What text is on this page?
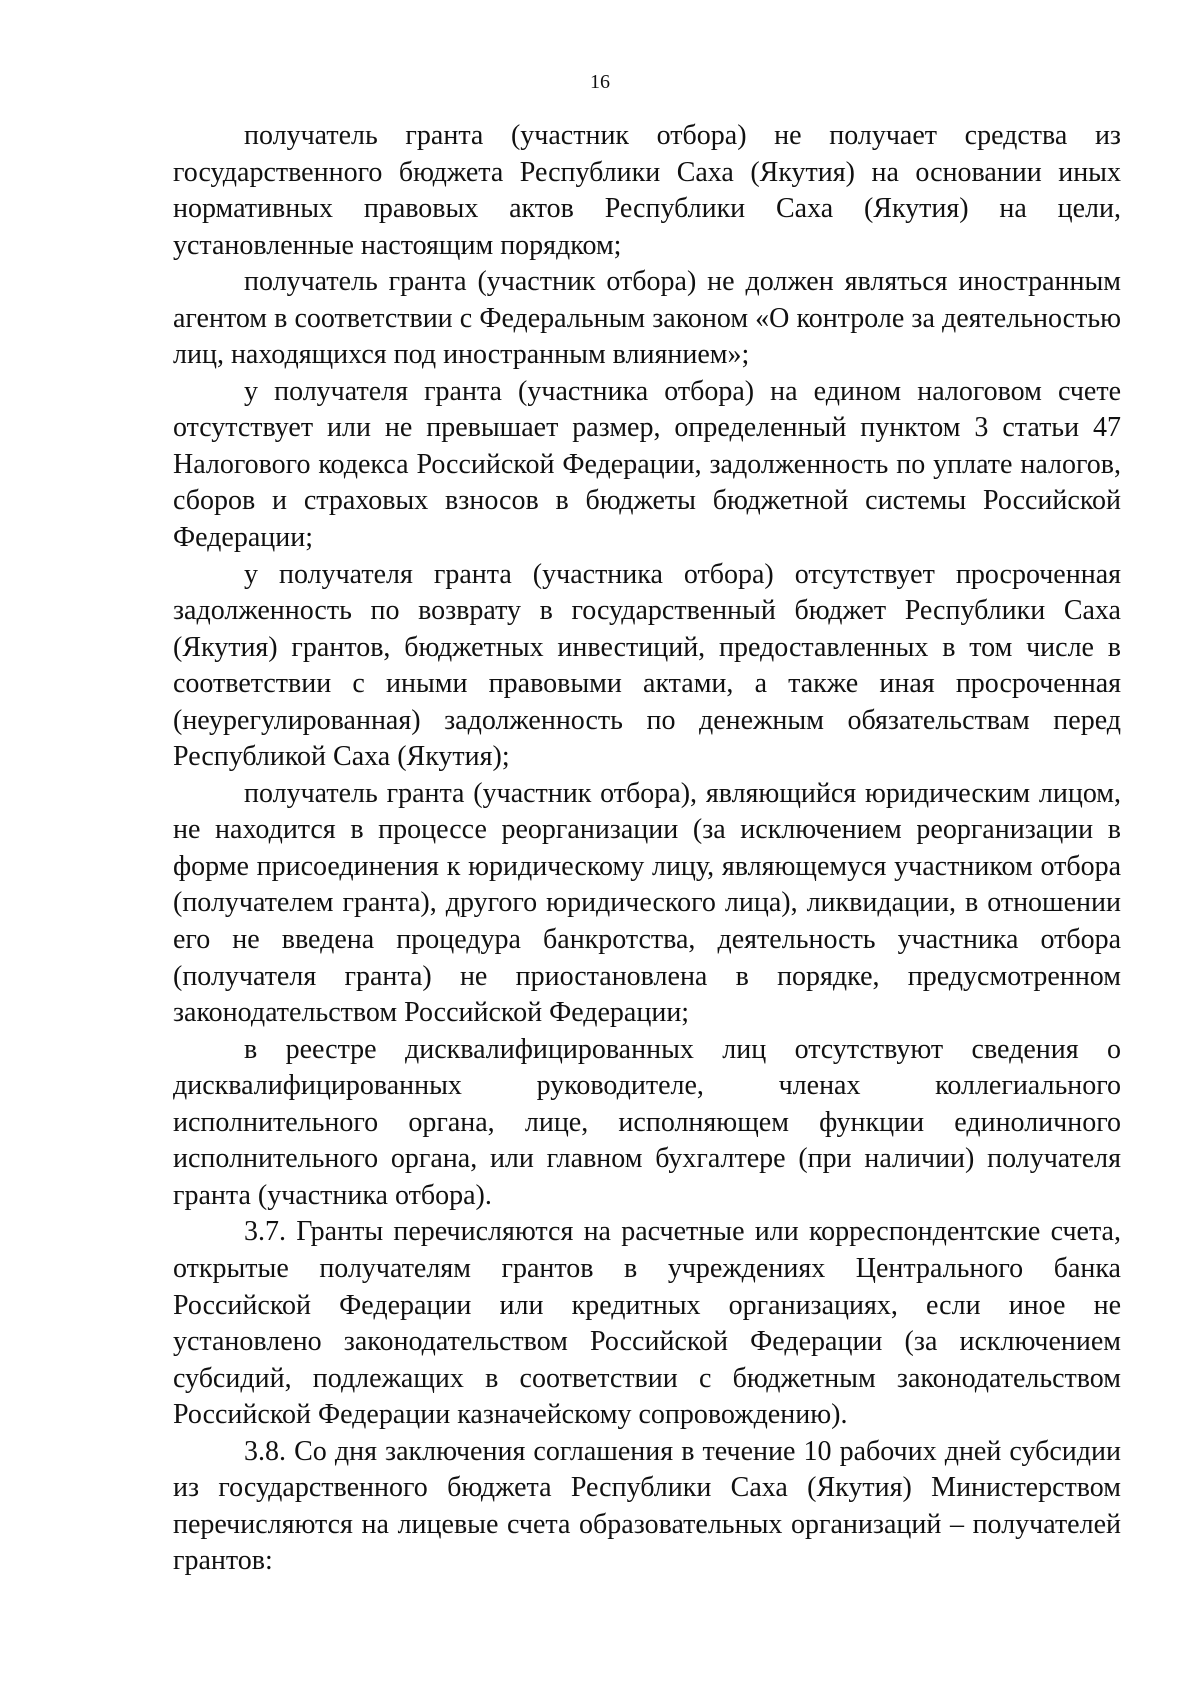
16

получатель гранта (участник отбора) не получает средства из государственного бюджета Республики Саха (Якутия) на основании иных нормативных правовых актов Республики Саха (Якутия) на цели, установленные настоящим порядком;

получатель гранта (участник отбора) не должен являться иностранным агентом в соответствии с Федеральным законом «О контроле за деятельностью лиц, находящихся под иностранным влиянием»;

у получателя гранта (участника отбора) на едином налоговом счете отсутствует или не превышает размер, определенный пунктом 3 статьи 47 Налогового кодекса Российской Федерации, задолженность по уплате налогов, сборов и страховых взносов в бюджеты бюджетной системы Российской Федерации;

у получателя гранта (участника отбора) отсутствует просроченная задолженность по возврату в государственный бюджет Республики Саха (Якутия) грантов, бюджетных инвестиций, предоставленных в том числе в соответствии с иными правовыми актами, а также иная просроченная (неурегулированная) задолженность по денежным обязательствам перед Республикой Саха (Якутия);

получатель гранта (участник отбора), являющийся юридическим лицом, не находится в процессе реорганизации (за исключением реорганизации в форме присоединения к юридическому лицу, являющемуся участником отбора (получателем гранта), другого юридического лица), ликвидации, в отношении его не введена процедура банкротства, деятельность участника отбора (получателя гранта) не приостановлена в порядке, предусмотренном законодательством Российской Федерации;

в реестре дисквалифицированных лиц отсутствуют сведения о дисквалифицированных руководителе, членах коллегиального исполнительного органа, лице, исполняющем функции единоличного исполнительного органа, или главном бухгалтере (при наличии) получателя гранта (участника отбора).

3.7. Гранты перечисляются на расчетные или корреспондентские счета, открытые получателям грантов в учреждениях Центрального банка Российской Федерации или кредитных организациях, если иное не установлено законодательством Российской Федерации (за исключением субсидий, подлежащих в соответствии с бюджетным законодательством Российской Федерации казначейскому сопровождению).

3.8. Со дня заключения соглашения в течение 10 рабочих дней субсидии из государственного бюджета Республики Саха (Якутия) Министерством перечисляются на лицевые счета образовательных организаций – получателей грантов:
